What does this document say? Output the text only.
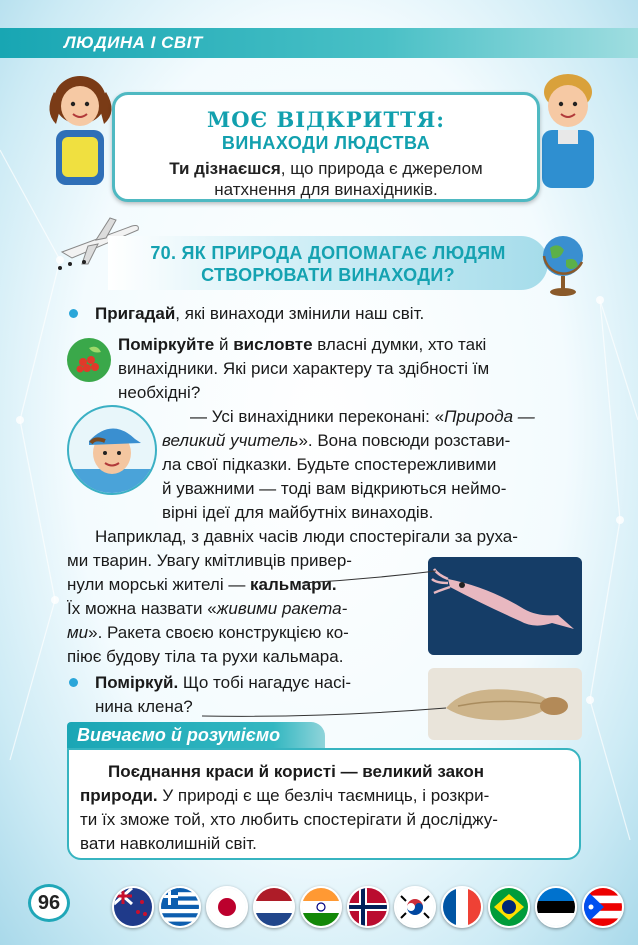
ЛЮДИНА І СВІТ
МОЄ ВІДКРИТТЯ:
ВИНАХОДИ ЛЮДСТВА
Ти дізнаєшся, що природа є джерелом
натхнення для винахідників.
70. ЯК ПРИРОДА ДОПОМАГАЄ ЛЮДЯМ
СТВОРЮВАТИ ВИНАХОДИ?
Пригадай, які винаходи змінили наш світ.
Поміркуйте й висловте власні думки, хто такі
винахідники. Які риси характеру та здібності їм
необхідні?
— Усі винахідники переконані: «Природа —
великий учитель». Вона повсюди розстави-
ла свої підказки. Будьте спостережливими
й уважними — тоді вам відкриються неймо-
вірні ідеї для майбутніх винаходів.
Наприклад, з давніх часів люди спостерігали за руха-
ми тварин. Увагу кмітливців привер-
нули морські жителі — кальмари.
Їх можна назвати «живими ракета-
ми». Ракета своєю конструкцією ко-
піює будову тіла та рухи кальмара.
Поміркуй. Що тобі нагадує насі-
нина клена?
Вивчаємо й розуміємо
Поєднання краси й користі — великий закон
природи. У природі є ще безліч таємниць, і розкри-
ти їх зможе той, хто любить спостерігати й дослiджу-
вати навколишній світ.
96
